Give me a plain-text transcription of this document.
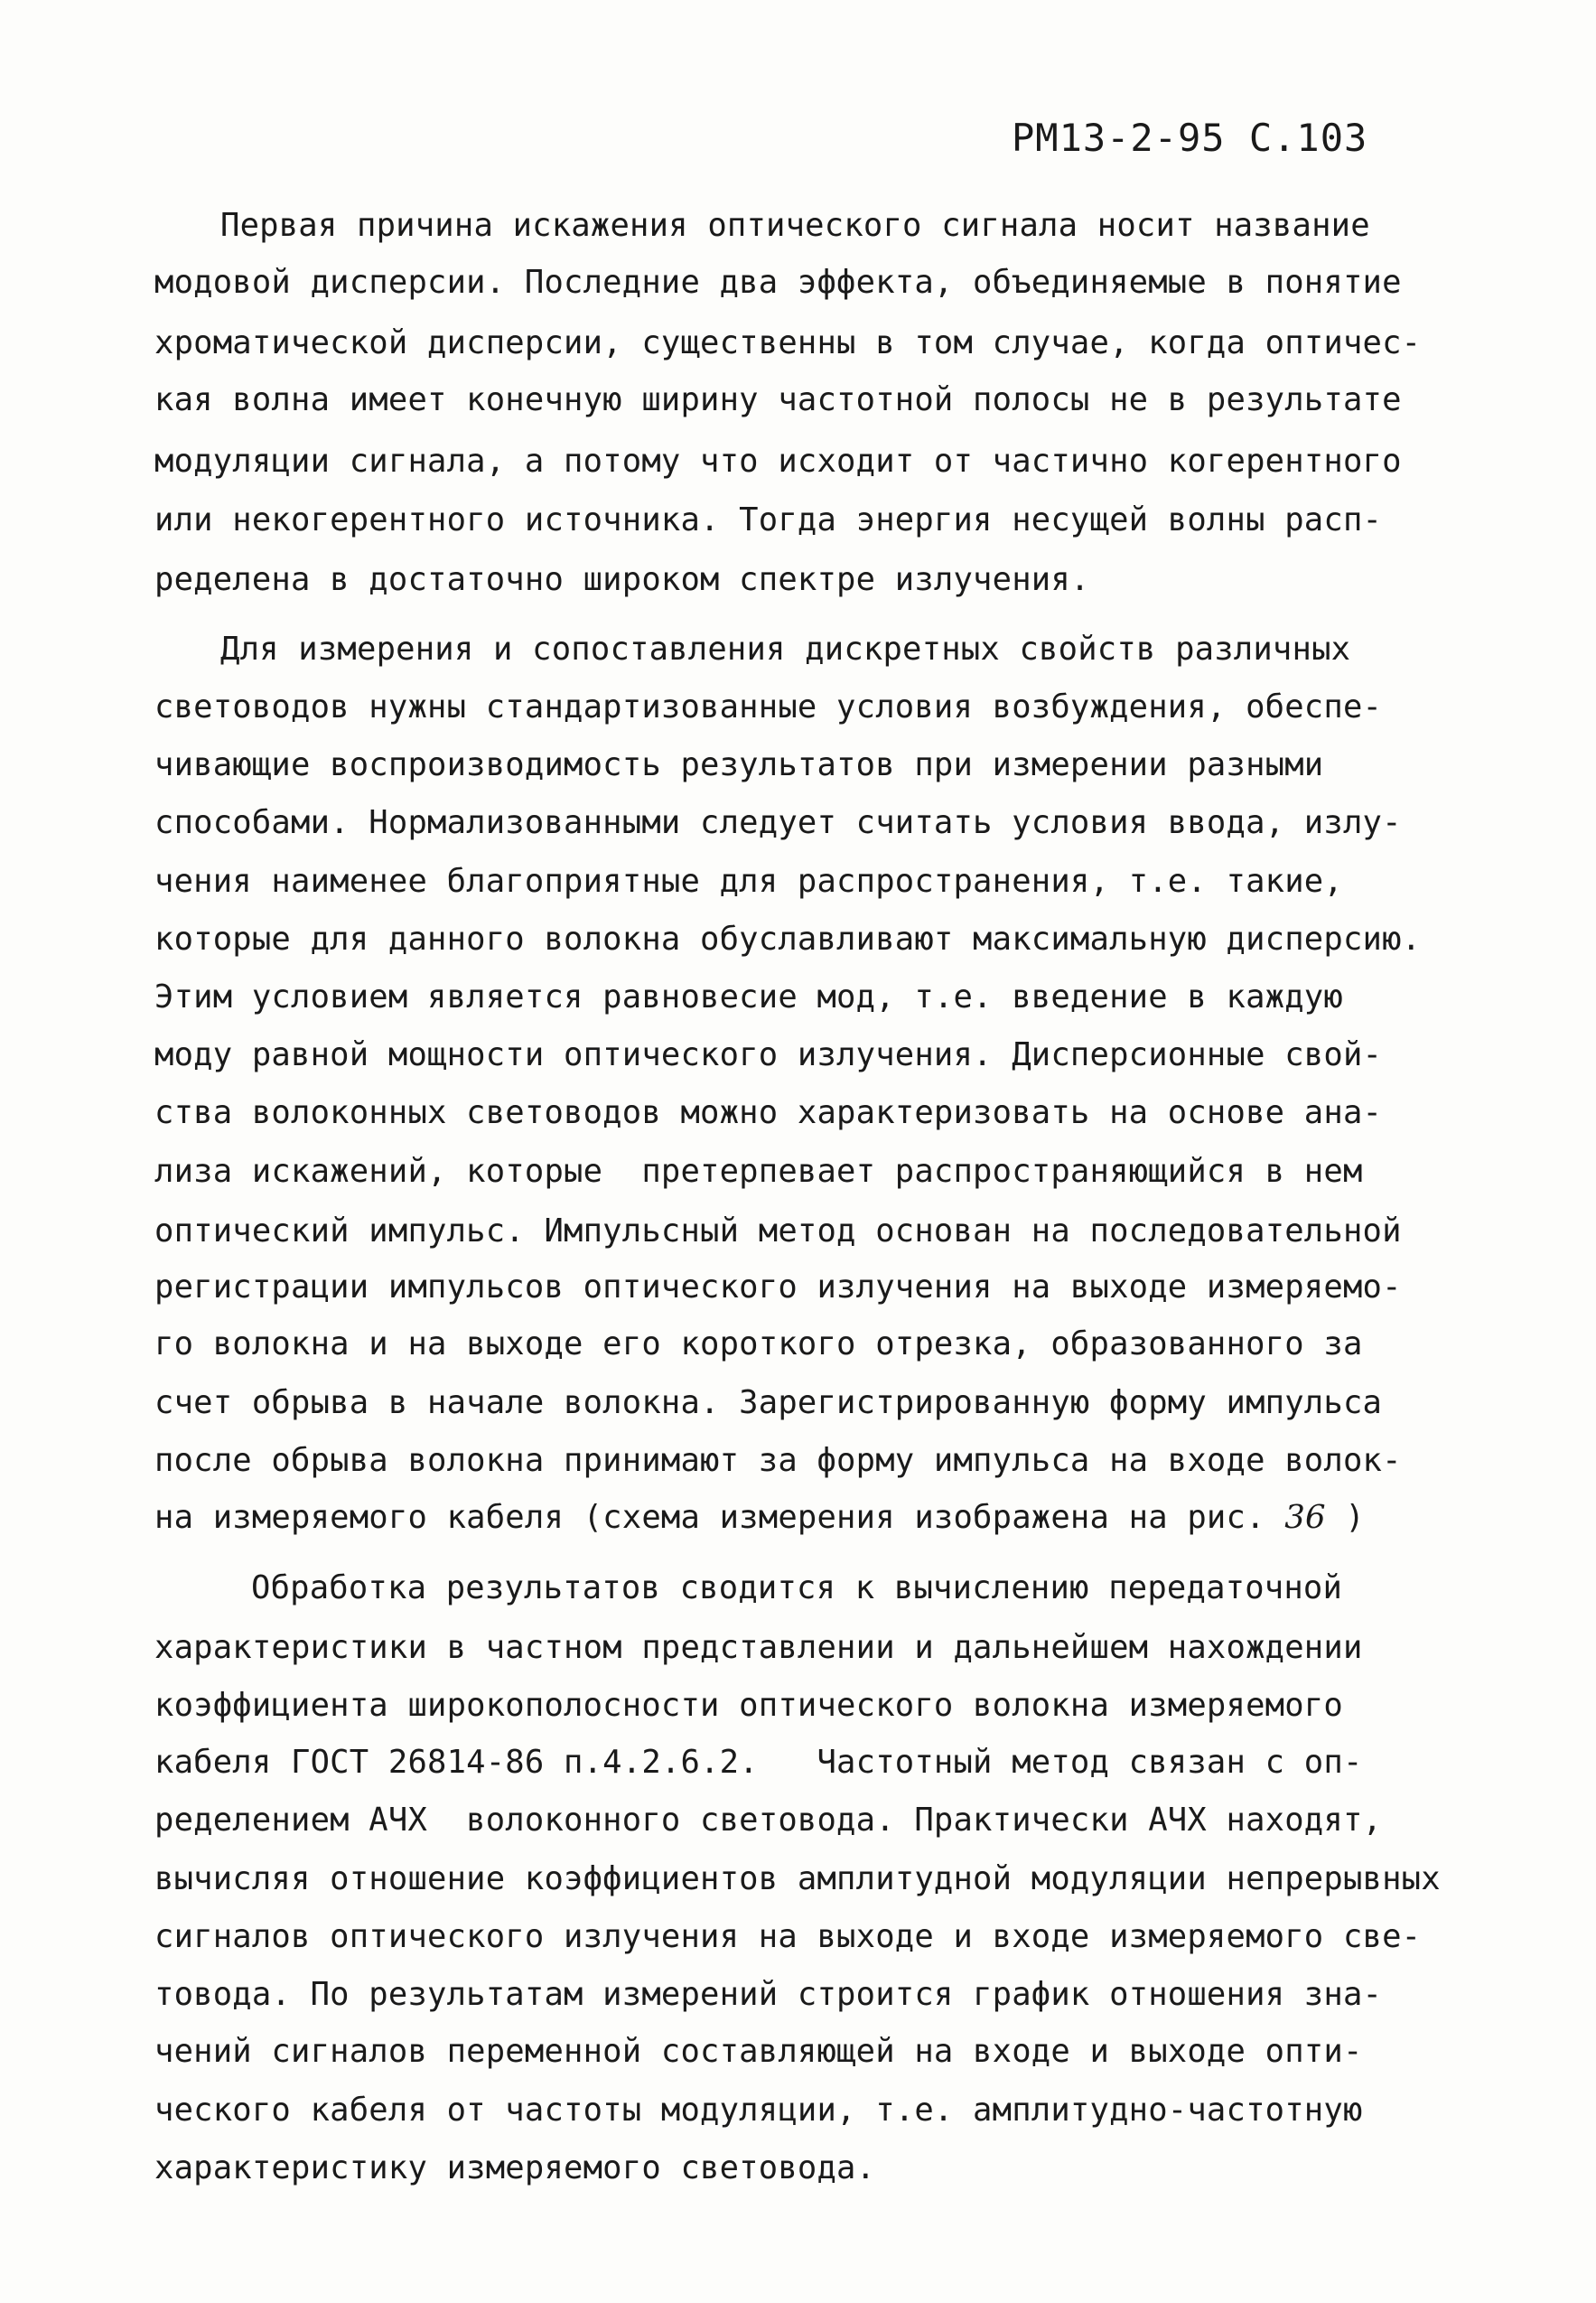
РМ13-2-95 С.103
Первая причина искажения оптического сигнала носит название
модовой дисперсии. Последние два эффекта, объединяемые в понятие
хроматической дисперсии, существенны в том случае, когда оптичес-
кая волна имеет конечную ширину частотной полосы не в результате
модуляции сигнала, а потому что исходит от частично когерентного
или некогерентного источника. Тогда энергия несущей волны расп-
ределена в достаточно широком спектре излучения.
Для измерения и сопоставления дискретных свойств различных
световодов нужны стандартизованные условия возбуждения, обеспе-
чивающие воспроизводимость результатов при измерении разными
способами. Нормализованными следует считать условия ввода, излу-
чения наименее благоприятные для распространения, т.е. такие,
которые для данного волокна обуславливают максимальную дисперсию.
Этим условием является равновесие мод, т.е. введение в каждую
моду равной мощности оптического излучения. Дисперсионные свой-
ства волоконных световодов можно характеризовать на основе ана-
лиза искажений, которые  претерпевает распространяющийся в нем
оптический импульс. Импульсный метод основан на последовательной
регистрации импульсов оптического излучения на выходе измеряемо-
го волокна и на выходе его короткого отрезка, образованного за
счет обрыва в начале волокна. Зарегистрированную форму импульса
после обрыва волокна принимают за форму импульса на входе волок-
на измеряемого кабеля (схема измерения изображена на рис. 36 )
Обработка результатов сводится к вычислению передаточной
характеристики в частном представлении и дальнейшем нахождении
коэффициента широкополосности оптического волокна измеряемого
кабеля ГОСТ 26814-86 п.4.2.6.2.   Частотный метод связан с оп-
ределением АЧХ  волоконного световода. Практически АЧХ находят,
вычисляя отношение коэффициентов амплитудной модуляции непрерывных
сигналов оптического излучения на выходе и входе измеряемого све-
товода. По результатам измерений строится график отношения зна-
чений сигналов переменной составляющей на входе и выходе опти-
ческого кабеля от частоты модуляции, т.е. амплитудно-частотную
характеристику измеряемого световода.
